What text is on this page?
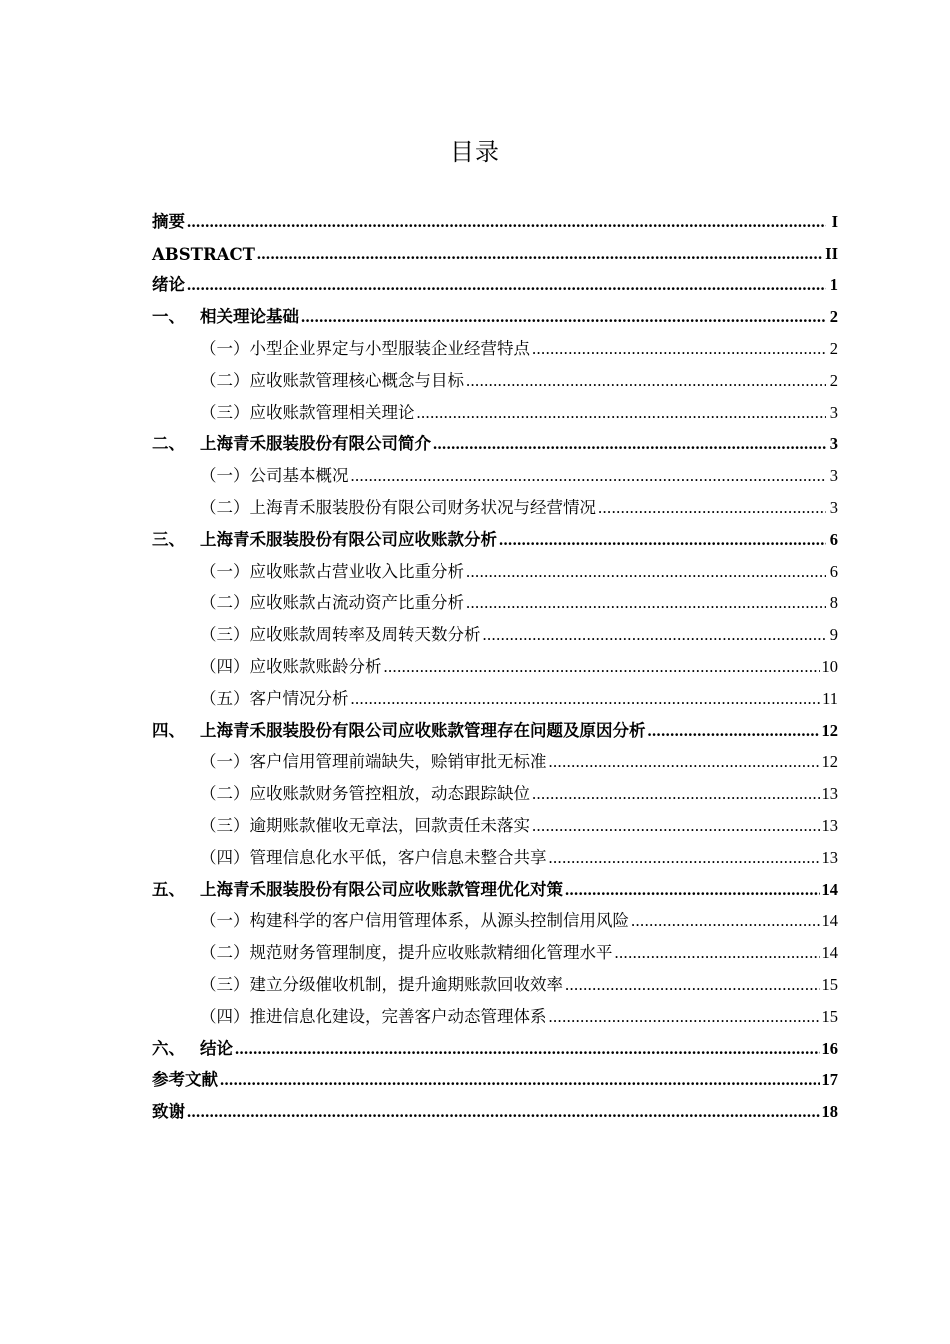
目录
摘要 .....	I
ABSTRACT .....	II
绪论 .....	1
一、 相关理论基础 .....	2
（一）小型企业界定与小型服装企业经营特点 .....	2
（二）应收账款管理核心概念与目标 .....	2
（三）应收账款管理相关理论 .....	3
二、 上海青禾服装股份有限公司简介 .....	3
（一）公司基本概况 .....	3
（二）上海青禾服装股份有限公司财务状况与经营情况 .....	3
三、 上海青禾服装股份有限公司应收账款分析 .....	6
（一）应收账款占营业收入比重分析 .....	6
（二）应收账款占流动资产比重分析 .....	8
（三）应收账款周转率及周转天数分析 .....	9
（四）应收账款账龄分析 .....	10
（五）客户情况分析 .....	11
四、 上海青禾服装股份有限公司应收账款管理存在问题及原因分析 .....	12
（一）客户信用管理前端缺失，赊销审批无标准 .....	12
（二）应收账款财务管控粗放，动态跟踪缺位 .....	13
（三）逾期账款催收无章法，回款责任未落实 .....	13
（四）管理信息化水平低，客户信息未整合共享 .....	13
五、 上海青禾服装股份有限公司应收账款管理优化对策 .....	14
（一）构建科学的客户信用管理体系，从源头控制信用风险 .....	14
（二）规范财务管理制度，提升应收账款精细化管理水平 .....	14
（三）建立分级催收机制，提升逾期账款回收效率 .....	15
（四）推进信息化建设，完善客户动态管理体系 .....	15
六、 结论 .....	16
参考文献 .....	17
致谢 .....	18
